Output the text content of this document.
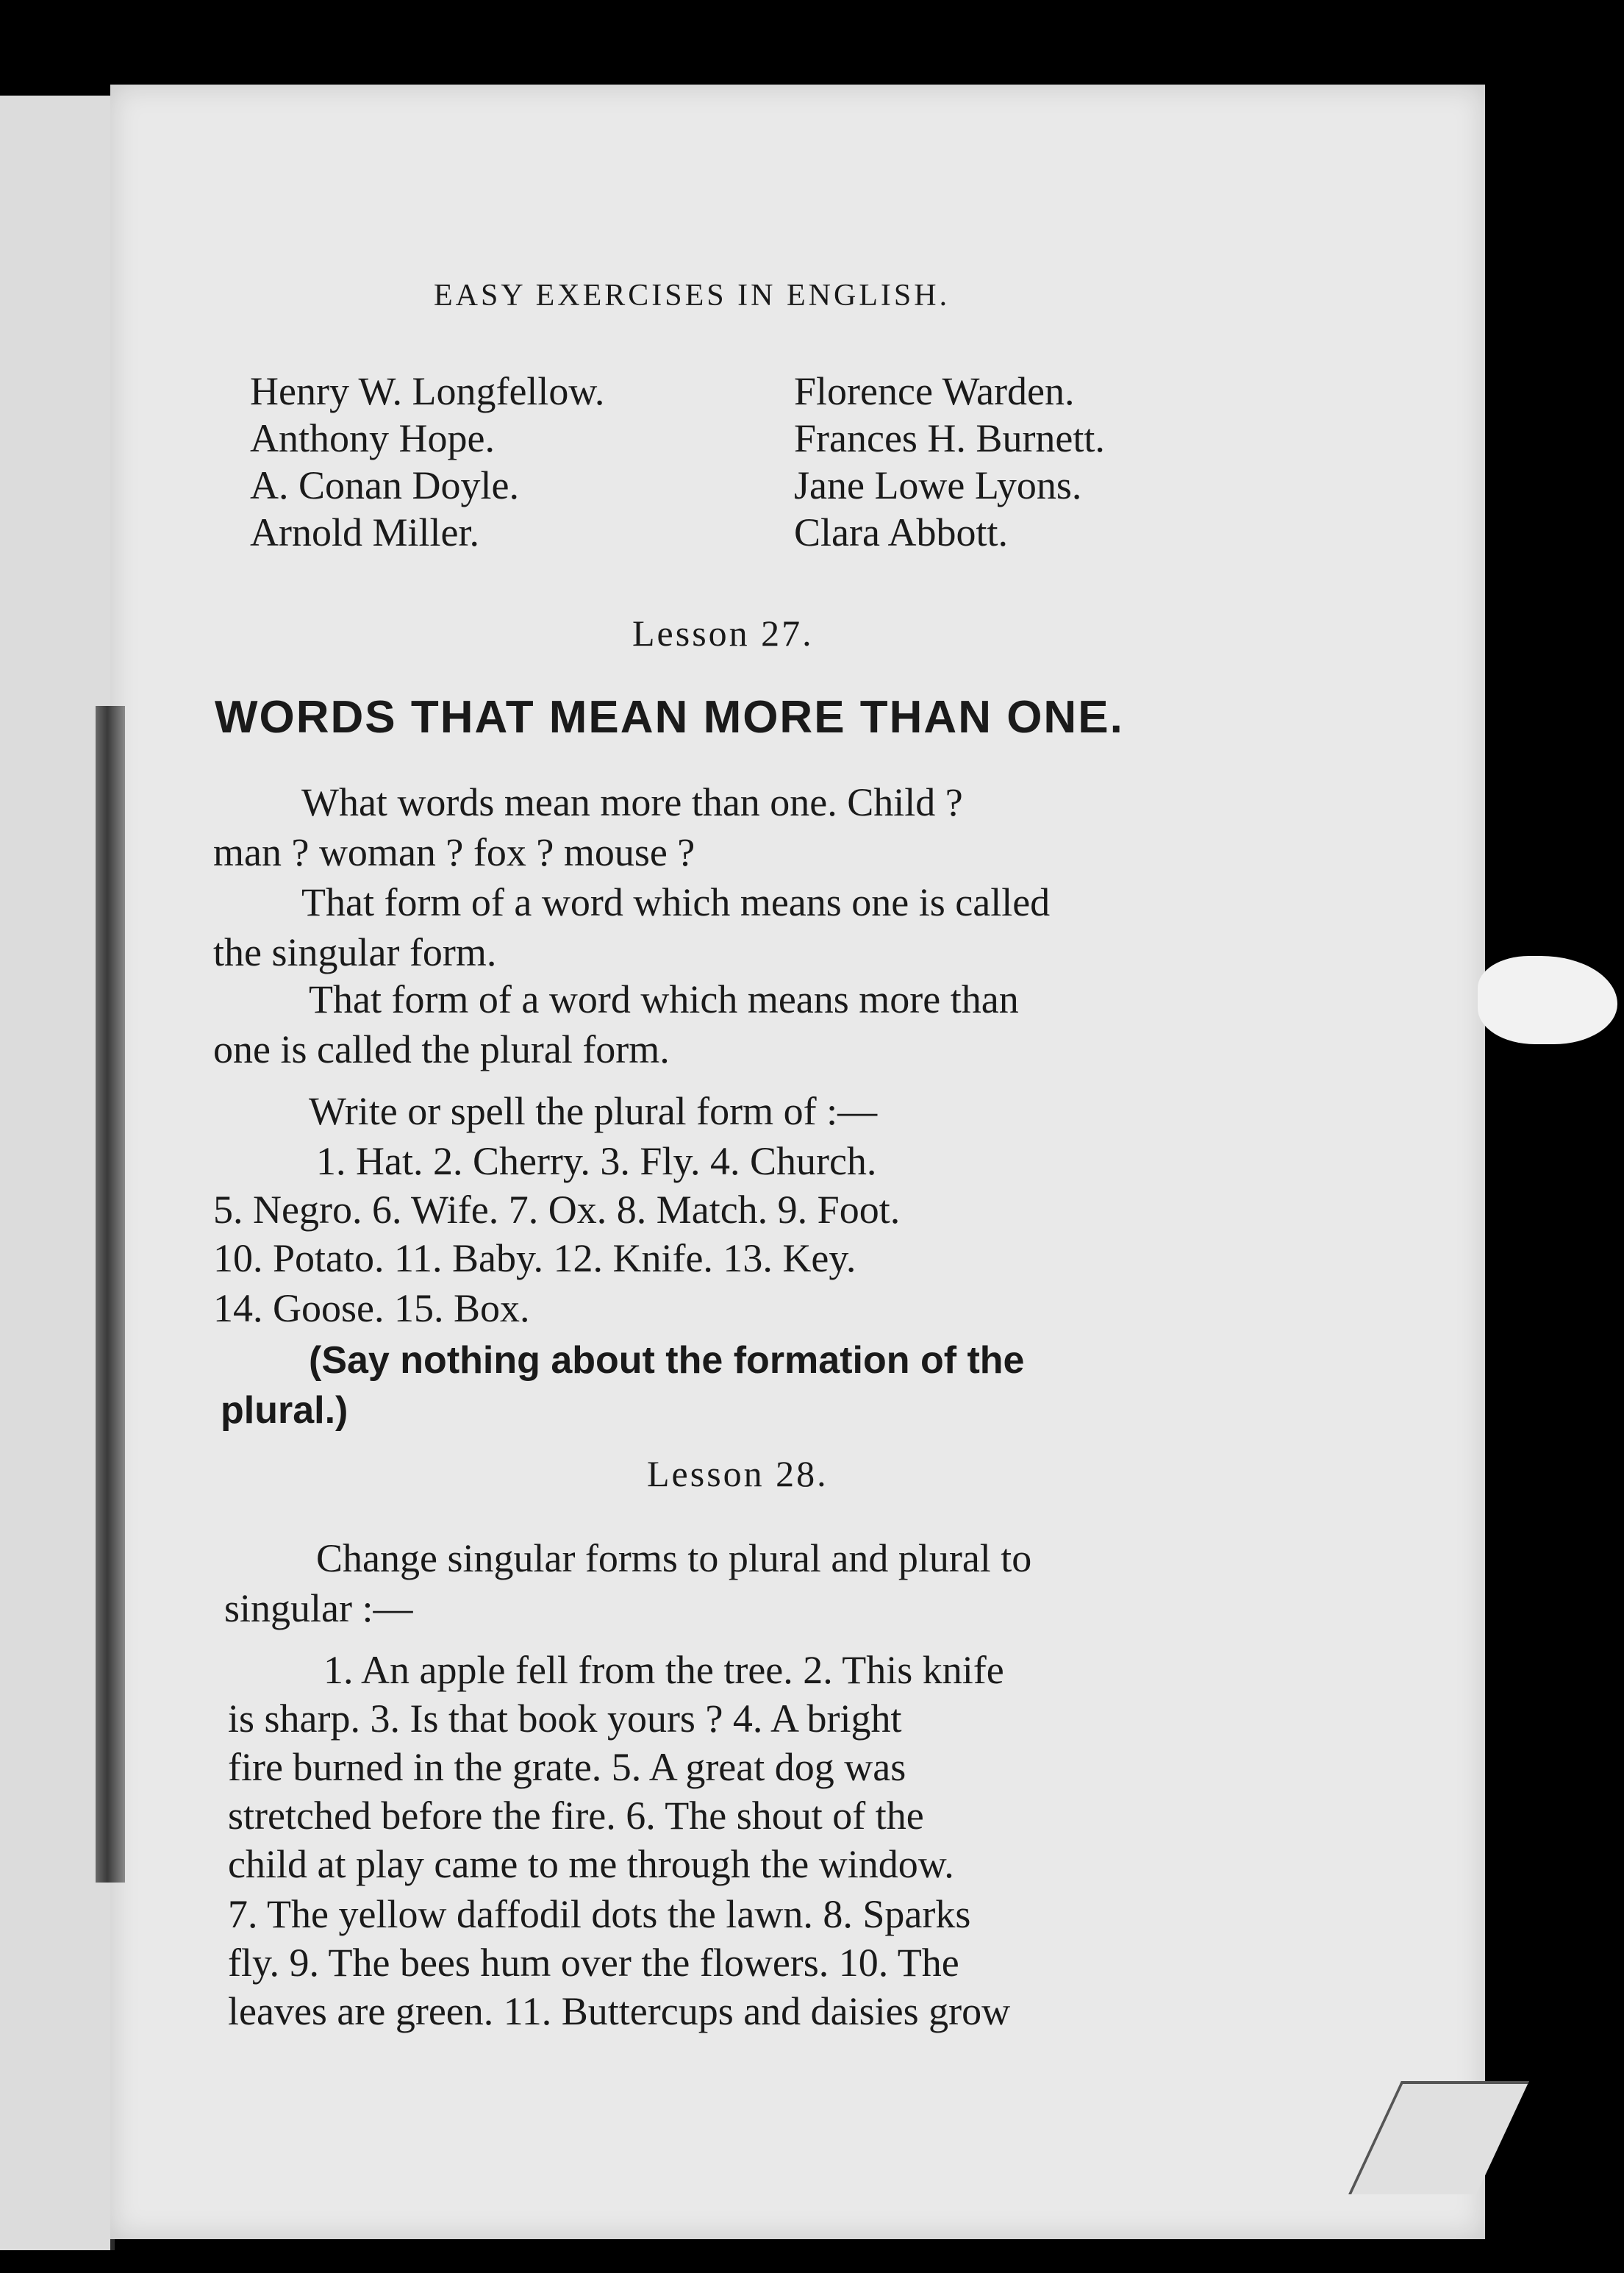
EASY EXERCISES IN ENGLISH.
Henry W. Longfellow.
Anthony Hope.
A. Conan Doyle.
Arnold Miller.
Florence Warden.
Frances H. Burnett.
Jane Lowe Lyons.
Clara Abbott.
Lesson 27.
WORDS THAT MEAN MORE THAN ONE.
What words mean more than one. Child ?
man ? woman ? fox ? mouse ?
That form of a word which means one is called
the singular form.
That form of a word which means more than
one is called the plural form.
Write or spell the plural form of :—
1. Hat. 2. Cherry. 3. Fly. 4. Church.
5. Negro. 6. Wife. 7. Ox. 8. Match. 9. Foot.
10. Potato. 11. Baby. 12. Knife. 13. Key.
14. Goose. 15. Box.
(Say nothing about the formation of the
plural.)
Lesson 28.
Change singular forms to plural and plural to
singular :—
1. An apple fell from the tree. 2. This knife
is sharp. 3. Is that book yours ? 4. A bright
fire burned in the grate. 5. A great dog was
stretched before the fire. 6. The shout of the
child at play came to me through the window.
7. The yellow daffodil dots the lawn. 8. Sparks
fly. 9. The bees hum over the flowers. 10. The
leaves are green. 11. Buttercups and daisies grow
